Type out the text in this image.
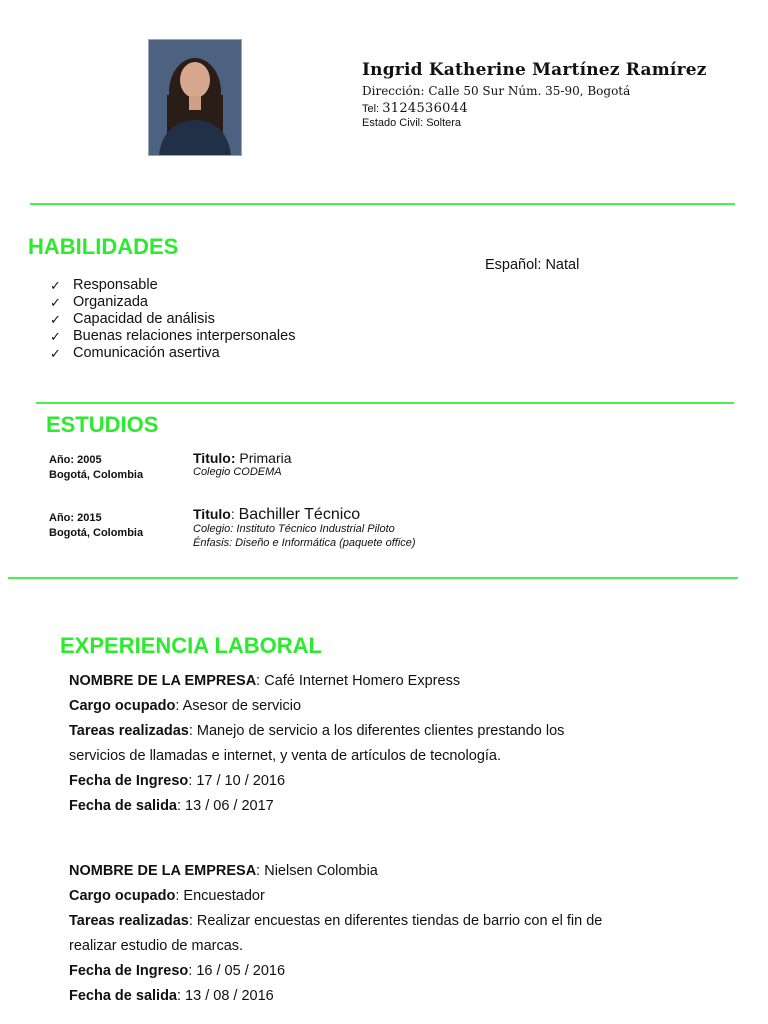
Ingrid Katherine Martínez Ramírez
Dirección: Calle 50 Sur Núm. 35-90, Bogotá
Tel: 3124536044
Estado Civil: Soltera
HABILIDADES
✓ Responsable
✓ Organizada
✓ Capacidad de análisis
✓ Buenas relaciones interpersonales
✓ Comunicación asertiva
Español: Natal
ESTUDIOS
Año: 2005
Bogotá, Colombia
Titulo: Primaria
Colegio CODEMA
Año: 2015
Bogotá, Colombia
Titulo: Bachiller Técnico
Colegio: Instituto Técnico Industrial Piloto
Énfasis: Diseño e Informática (paquete office)
EXPERIENCIA LABORAL
NOMBRE DE LA EMPRESA: Café Internet Homero Express
Cargo ocupado: Asesor de servicio
Tareas realizadas: Manejo de servicio a los diferentes clientes prestando los
servicios de llamadas e internet, y venta de artículos de tecnología.
Fecha de Ingreso: 17 / 10 / 2016
Fecha de salida: 13 / 06 / 2017
NOMBRE DE LA EMPRESA: Nielsen Colombia
Cargo ocupado: Encuestador
Tareas realizadas: Realizar encuestas en diferentes tiendas de barrio con el fin de
realizar estudio de marcas.
Fecha de Ingreso: 16 / 05 / 2016
Fecha de salida: 13 / 08 / 2016
